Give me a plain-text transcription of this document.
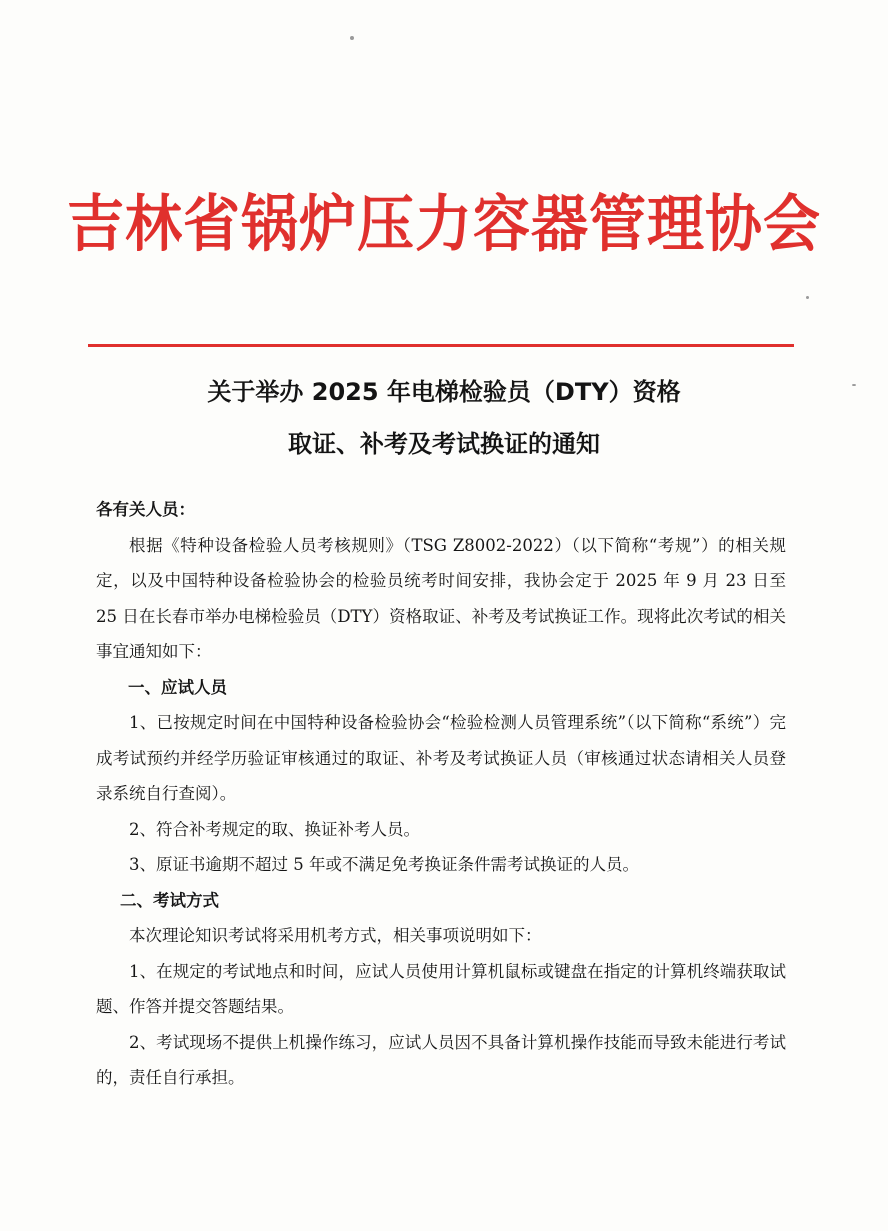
吉林省锅炉压力容器管理协会
关于举办 2025 年电梯检验员（DTY）资格
取证、补考及考试换证的通知

各有关人员：

根据《特种设备检验人员考核规则》（TSG Z8002-2022）（以下简称“考规”）的相关规定，以及中国特种设备检验协会的检验员统考时间安排，我协会定于 2025 年 9 月 23 日至 25 日在长春市举办电梯检验员（DTY）资格取证、补考及考试换证工作。现将此次考试的相关事宜通知如下：

一、应试人员

1、已按规定时间在中国特种设备检验协会“检验检测人员管理系统”（以下简称“系统”）完成考试预约并经学历验证审核通过的取证、补考及考试换证人员（审核通过状态请相关人员登录系统自行查阅）。

2、符合补考规定的取、换证补考人员。

3、原证书逾期不超过 5 年或不满足免考换证条件需考试换证的人员。

二、考试方式

本次理论知识考试将采用机考方式，相关事项说明如下：

1、在规定的考试地点和时间，应试人员使用计算机鼠标或键盘在指定的计算机终端获取试题、作答并提交答题结果。

2、考试现场不提供上机操作练习，应试人员因不具备计算机操作技能而导致未能进行考试的，责任自行承担。
